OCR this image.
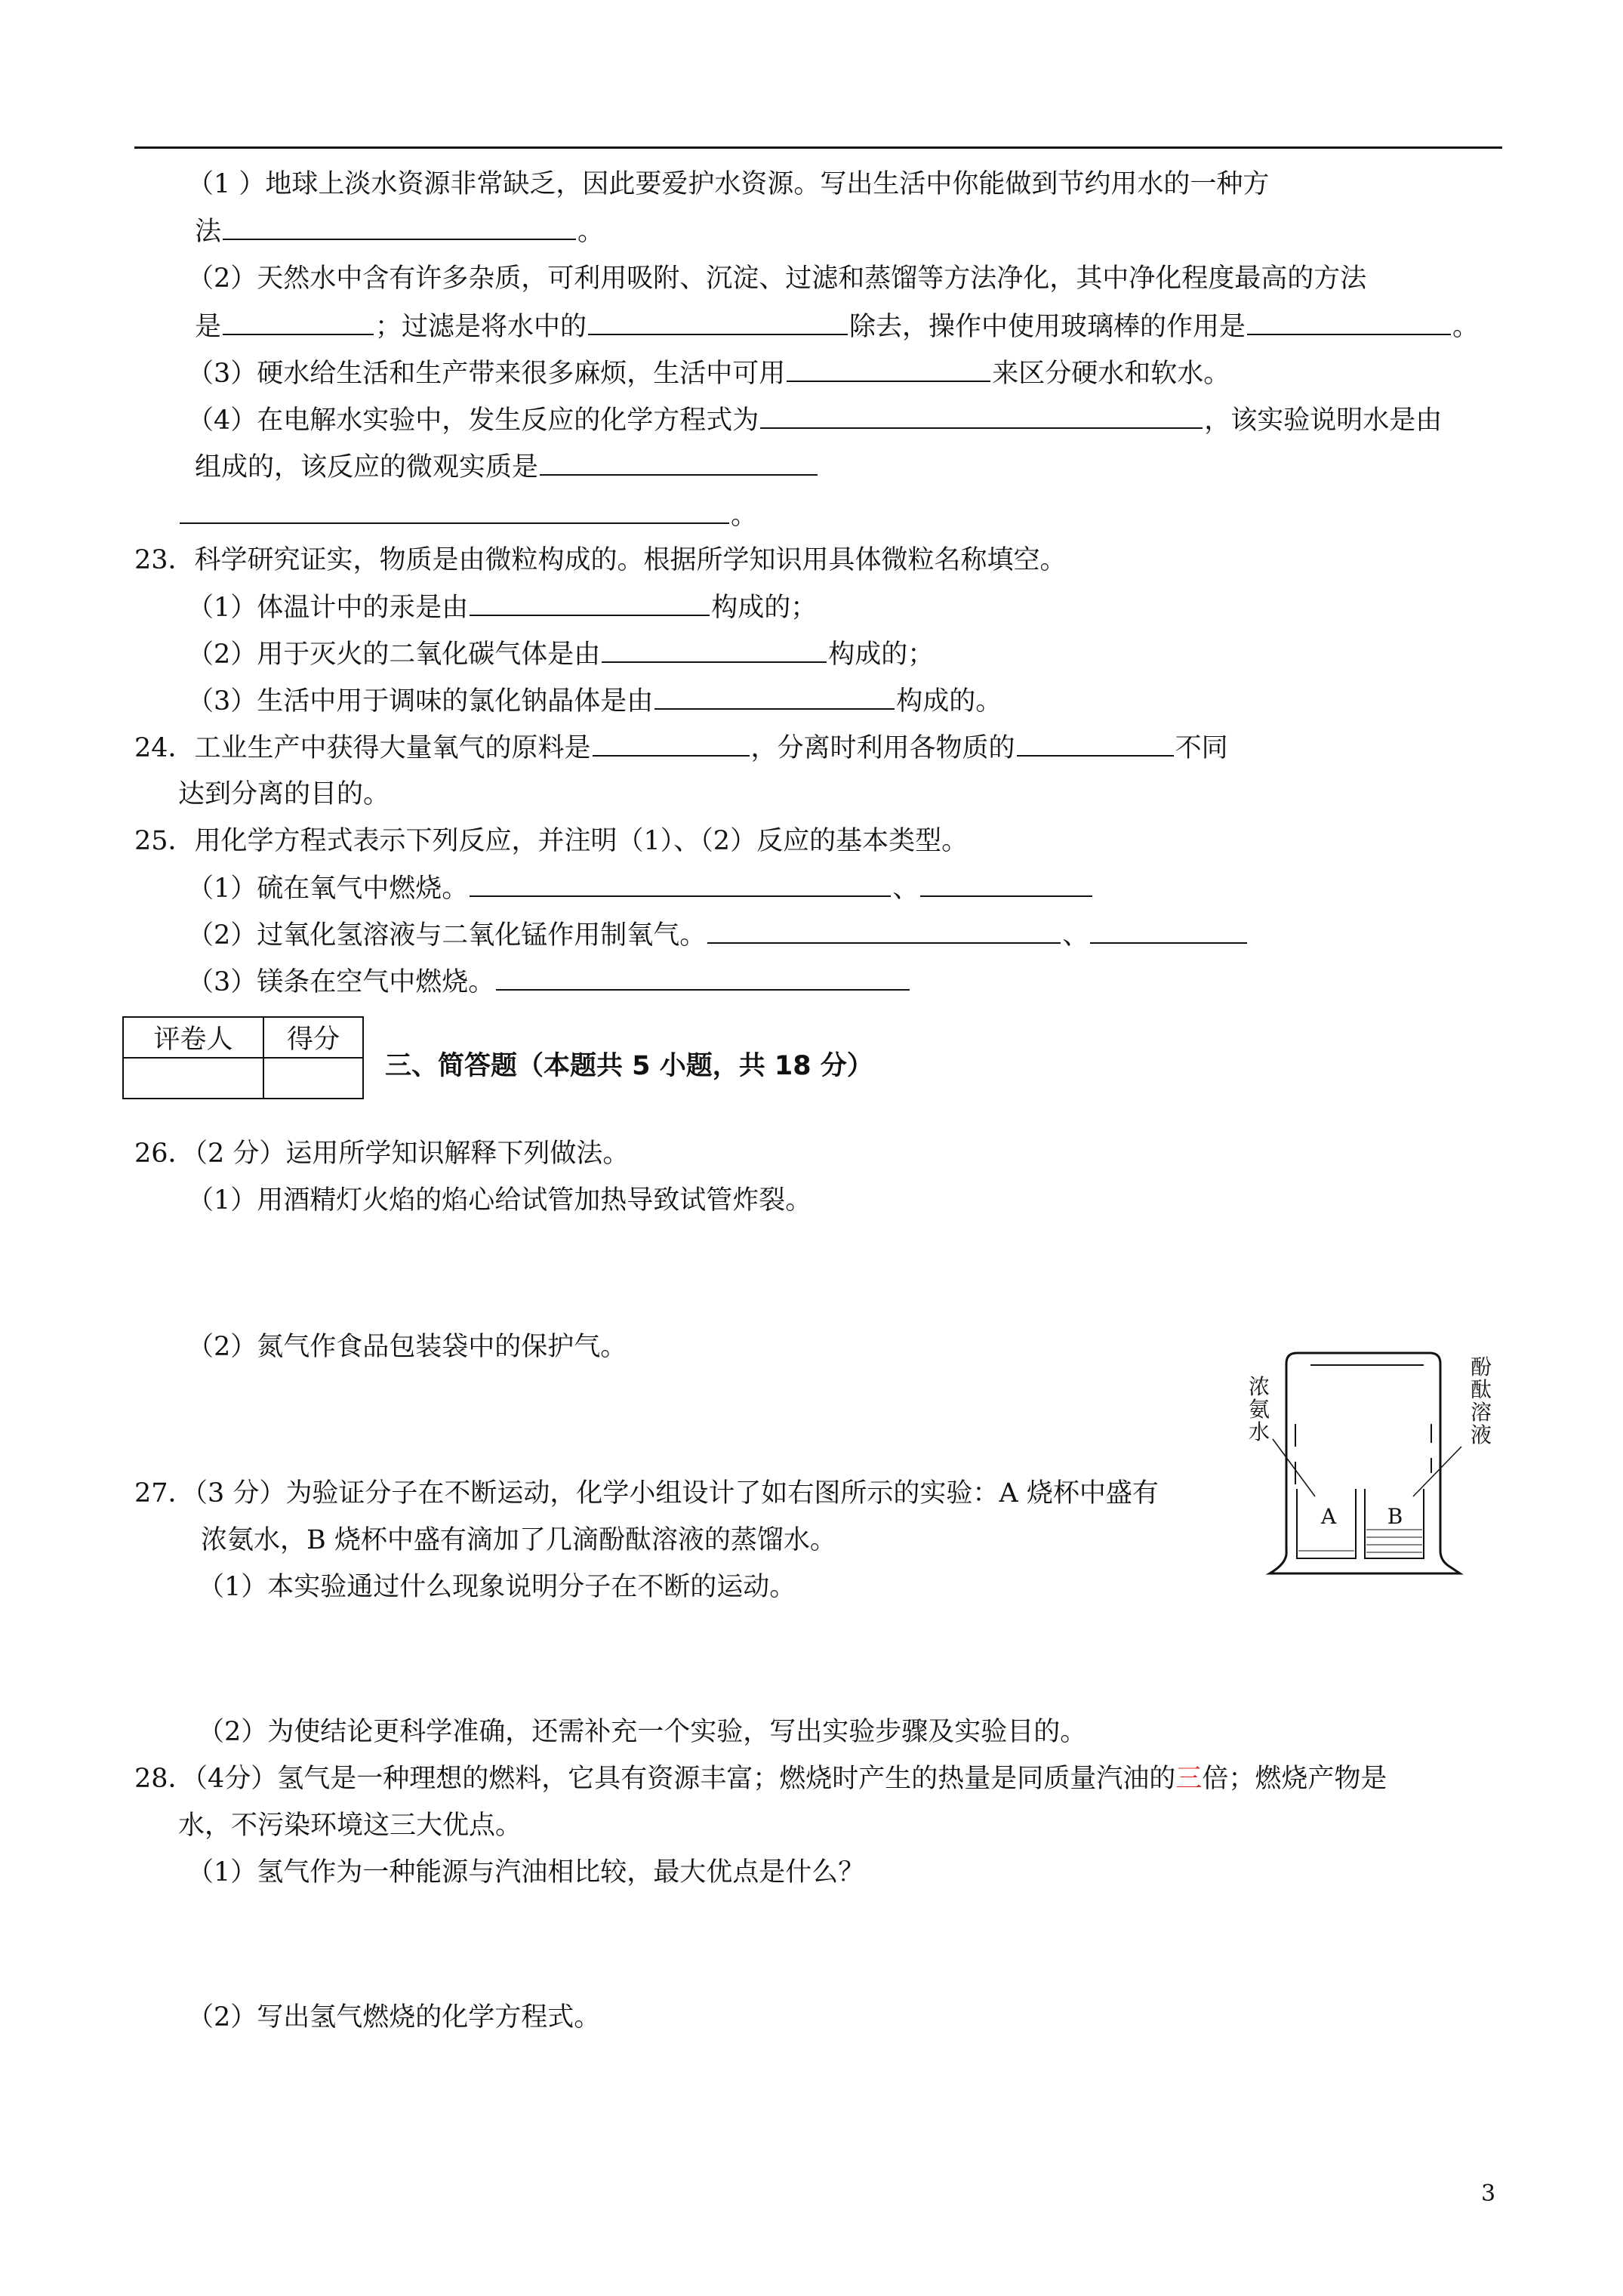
（1 ）地球上淡水资源非常缺乏，因此要爱护水资源。写出生活中你能做到节约用水的一种方
法	。
（2）天然水中含有许多杂质，可利用吸附、沉淀、过滤和蒸馏等方法净化，其中净化程度最高的方法
是	；过滤是将水中的	除去，操作中使用玻璃棒的作用是	。
（3）硬水给生活和生产带来很多麻烦，生活中可用	来区分硬水和软水。
（4）在电解水实验中，发生反应的化学方程式为	，该实验说明水是由
组成的，该反应的微观实质是
。
23．科学研究证实，物质是由微粒构成的。根据所学知识用具体微粒名称填空。
（1）体温计中的汞是由	构成的；
（2）用于灭火的二氧化碳气体是由	构成的；
（3）生活中用于调味的氯化钠晶体是由	构成的。
24．工业生产中获得大量氧气的原料是	，分离时利用各物质的	不同
达到分离的目的。
25．用化学方程式表示下列反应，并注明（1）、（2）反应的基本类型。
（1）硫在氧气中燃烧。	、
（2）过氧化氢溶液与二氧化锰作用制氧气。	、
（3）镁条在空气中燃烧。
评卷人	得分

三、简答题（本题共 5 小题，共 18 分）
26．（2 分）运用所学知识解释下列做法。
（1）用酒精灯火焰的焰心给试管加热导致试管炸裂。
（2）氮气作食品包装袋中的保护气。
浓氨水
酚酞溶液
A B
27．（3 分）为验证分子在不断运动，化学小组设计了如右图所示的实验：A 烧杯中盛有
浓氨水，B 烧杯中盛有滴加了几滴酚酞溶液的蒸馏水。
（1）本实验通过什么现象说明分子在不断的运动。
（2）为使结论更科学准确，还需补充一个实验，写出实验步骤及实验目的。
28．（4分）氢气是一种理想的燃料，它具有资源丰富；燃烧时产生的热量是同质量汽油的三倍；燃烧产物是
水，不污染环境这三大优点。
（1）氢气作为一种能源与汽油相比较，最大优点是什么？
（2）写出氢气燃烧的化学方程式。
3
